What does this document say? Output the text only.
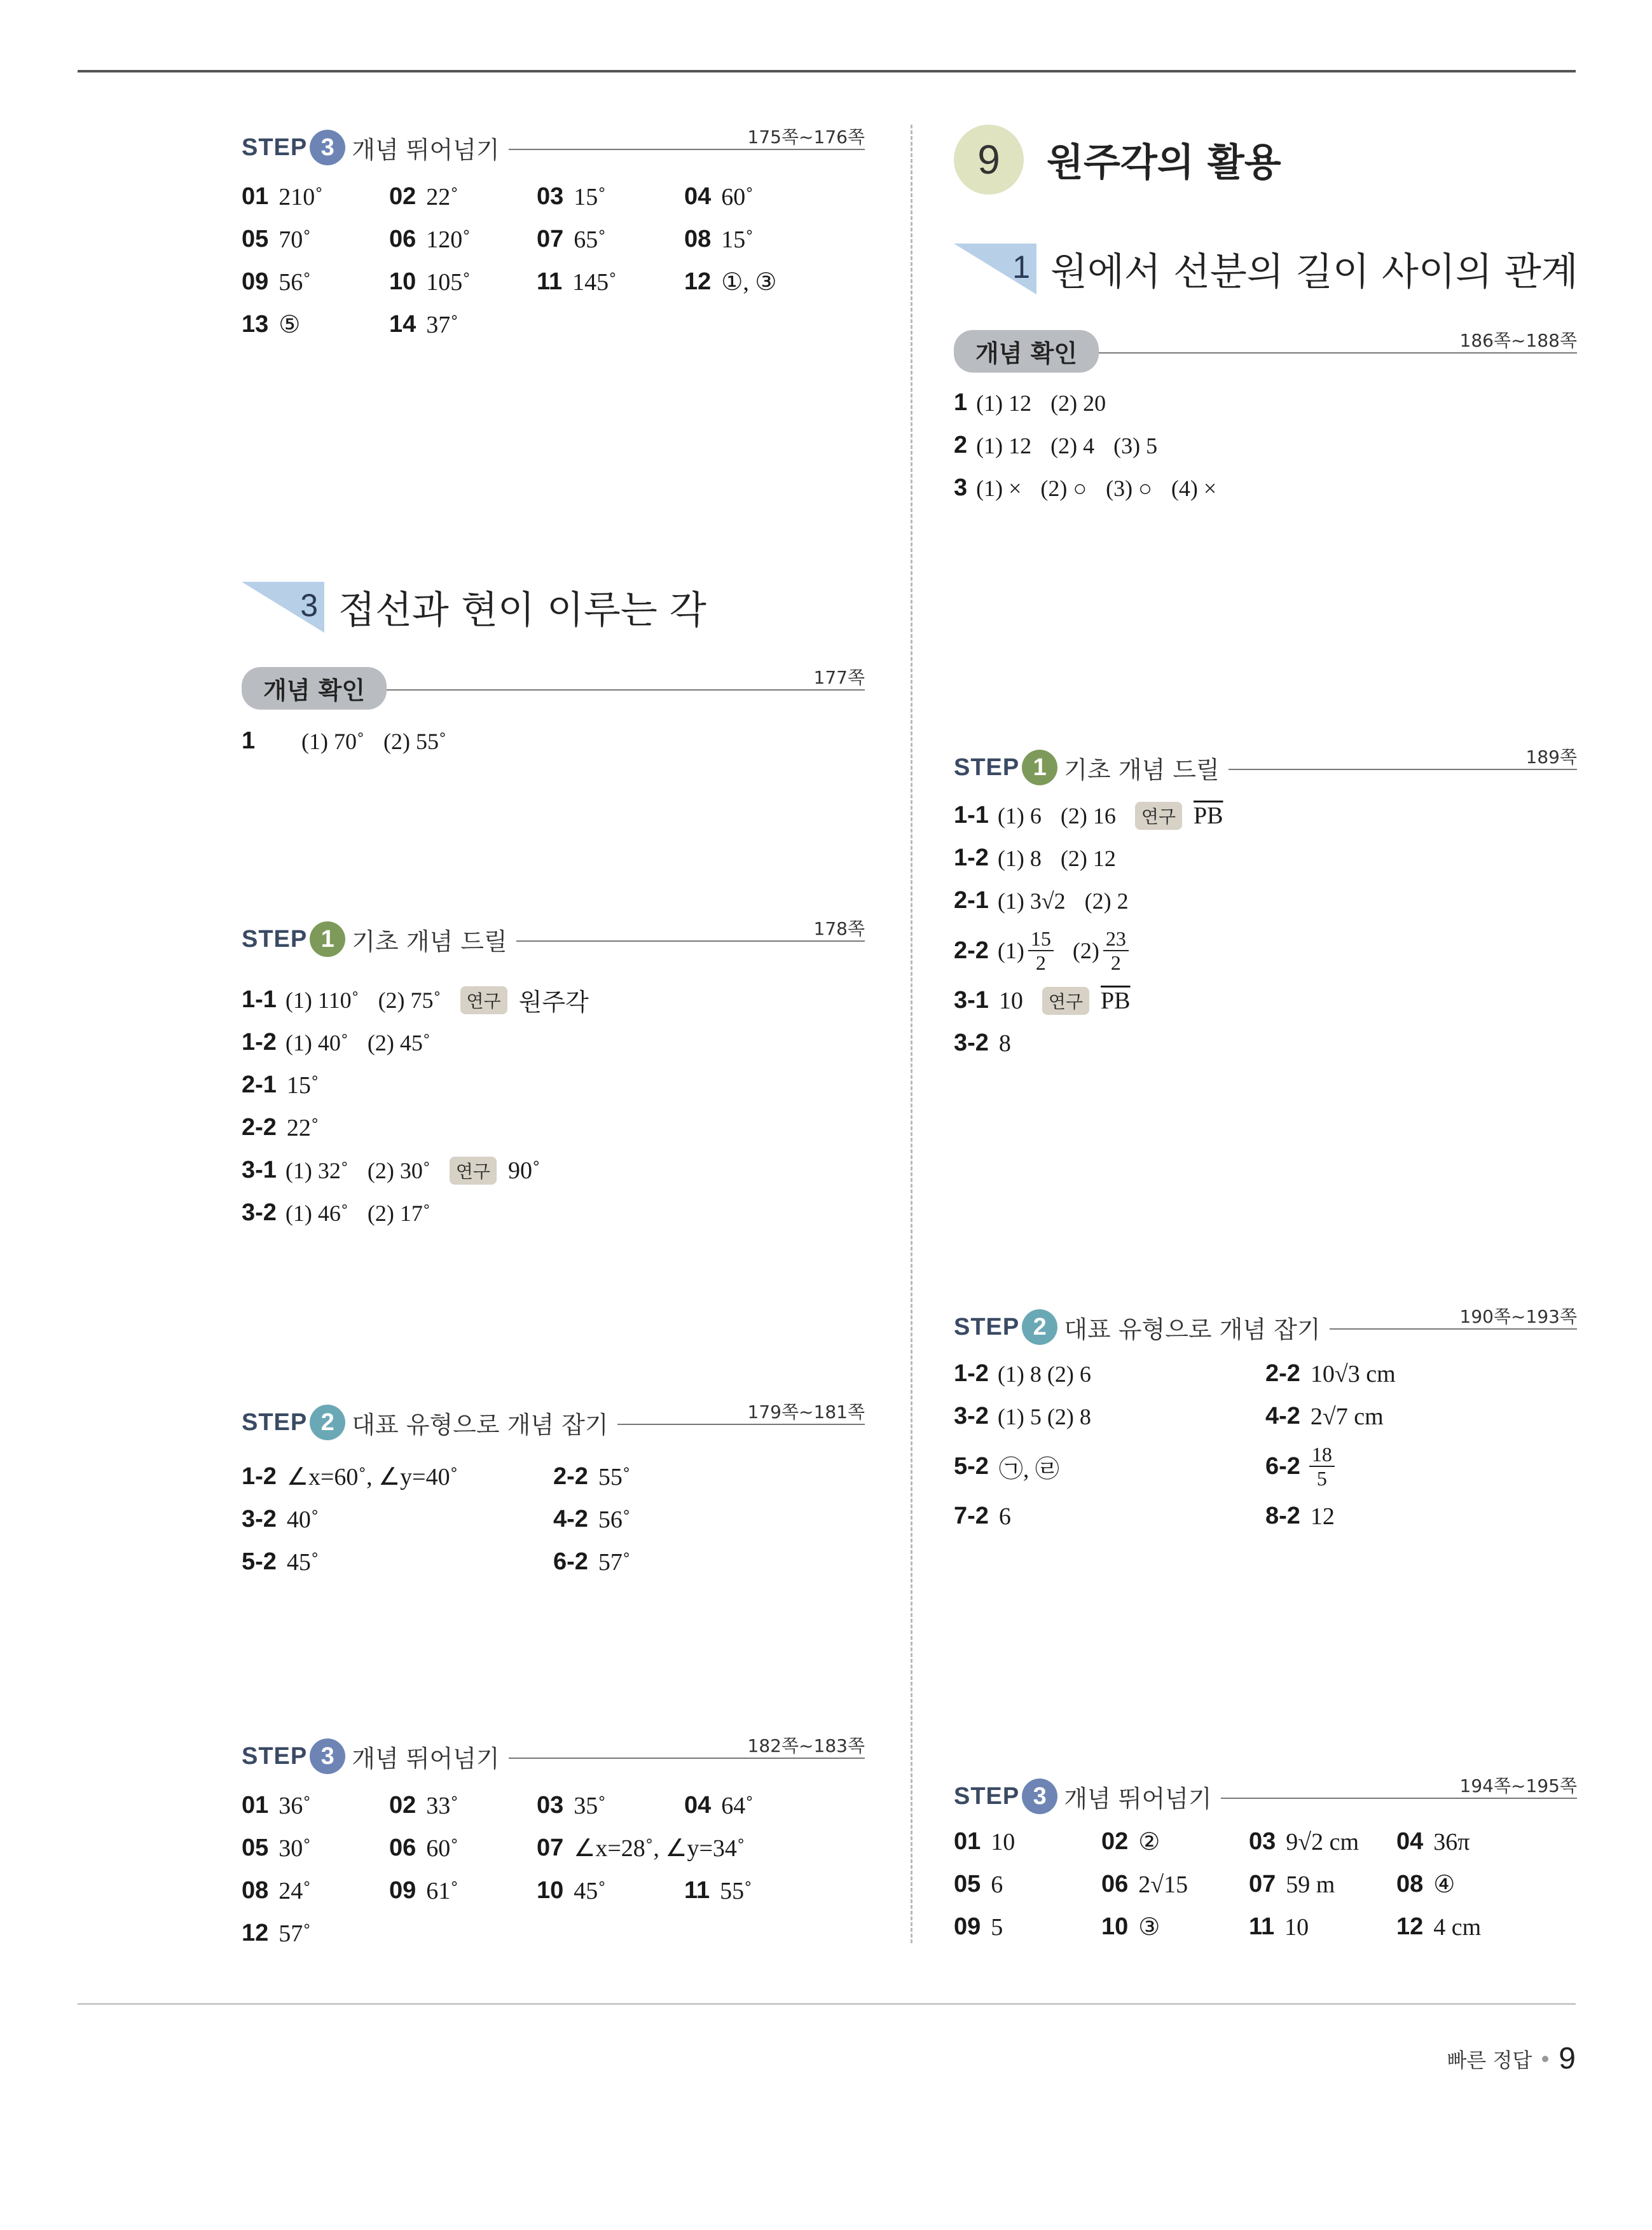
STEP 3 개념 뛰어넘기	175쪽~176쪽
01 210˚	02 22˚	03 15˚	04 60˚
05 70˚	06 120˚	07 65˚	08 15˚
09 56˚	10 105˚	11 145˚	12 ①, ③
13 ⑤	14 37˚
3 접선과 현이 이루는 각
개념 확인	177쪽
1	(1) 70˚ (2) 55˚
STEP 1 기초 개념 드릴	178쪽
1-1 (1) 110˚ (2) 75˚	연구 원주각
1-2 (1) 40˚ (2) 45˚
2-1 15˚
2-2 22˚
3-1 (1) 32˚ (2) 30˚	연구 90˚
3-2 (1) 46˚ (2) 17˚
STEP 2 대표 유형으로 개념 잡기	179쪽~181쪽
1-2 ∠x=60˚, ∠y=40˚	2-2 55˚
3-2 40˚	4-2 56˚
5-2 45˚	6-2 57˚
STEP 3 개념 뛰어넘기	182쪽~183쪽
01 36˚	02 33˚	03 35˚	04 64˚
05 30˚	06 60˚	07 ∠x=28˚, ∠y=34˚
08 24˚	09 61˚	10 45˚	11 55˚
12 57˚
9	원주각의 활용
1 원에서 선분의 길이 사이의 관계
개념 확인	186쪽~188쪽
1 (1) 12 (2) 20
2 (1) 12 (2) 4 (3) 5
3 (1) × (2) ○ (3) ○ (4) ×
STEP 1 기초 개념 드릴	189쪽
1-1 (1) 6 (2) 16	연구 $\overline{PB}$
1-2 (1) 8 (2) 12
2-1 (1) 3√2 (2) 2
2-2 $(1) \frac{15}{2} (2) \frac{23}{2}$
3-1 10	연구 $\overline{PB}$
3-2 8
STEP 2 대표 유형으로 개념 잡기	190쪽~193쪽
1-2 (1) 8 (2) 6	2-2 10√3 cm
3-2 (1) 5 (2) 8	4-2 2√7 cm
5-2 ㉠, ㉣	$6-2 \frac{18}{5}$
7-2 6	8-2 12
STEP 3 개념 뛰어넘기	194쪽~195쪽
01 10	02 ②	03 9√2 cm 04 36π
05 6	06 2√15	07 59 m	08 ④
09 5	10 ③	11 10	12 4 cm
빠른 정답 9
